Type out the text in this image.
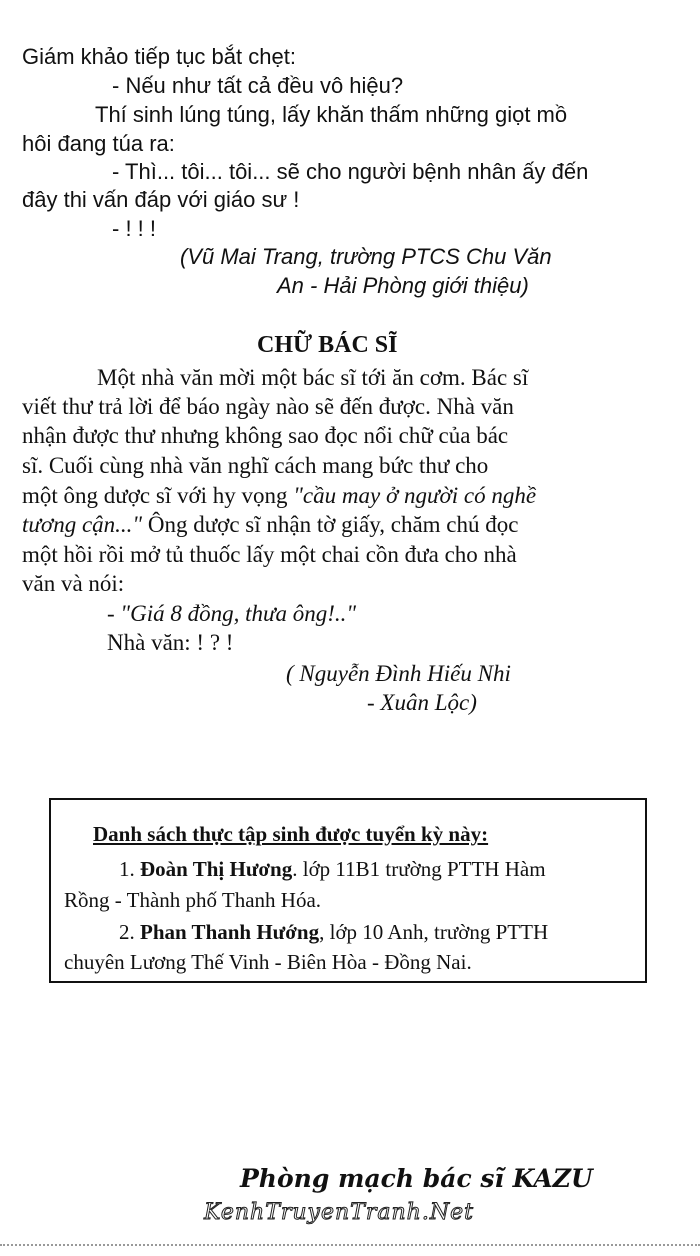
Giám khảo tiếp tục bắt chẹt:
- Nếu như tất cả đều vô hiệu?
Thí sinh lúng túng, lấy khăn thấm những giọt mồ
hôi đang túa ra:
- Thì... tôi... tôi... sẽ cho người bệnh nhân ấy đến
đây thi vấn đáp với giáo sư !
- ! ! !
(Vũ Mai Trang, trường PTCS Chu Văn
An - Hải Phòng giới thiệu)
CHỮ BÁC SĨ
Một nhà văn mời một bác sĩ tới ăn cơm. Bác sĩ
viết thư trả lời để báo ngày nào sẽ đến được. Nhà văn
nhận được thư nhưng không sao đọc nổi chữ của bác
sĩ. Cuối cùng nhà văn nghĩ cách mang bức thư cho
một ông dược sĩ với hy vọng "cầu may ở người có nghề
tương cận..." Ông dược sĩ nhận tờ giấy, chăm chú đọc
một hồi rồi mở tủ thuốc lấy một chai cồn đưa cho nhà
văn và nói:
- "Giá 8 đồng, thưa ông!.."
Nhà văn: ! ? !
( Nguyễn Đình Hiếu Nhi
- Xuân Lộc)
Danh sách thực tập sinh được tuyển kỳ này:
1. Đoàn Thị Hương. lớp 11B1 trường PTTH Hàm
Rồng - Thành phố Thanh Hóa.
2. Phan Thanh Hướng, lớp 10 Anh, trường PTTH
chuyên Lương Thế Vinh - Biên Hòa - Đồng Nai.
Phòng mạch bác sĩ KAZU
KenhTruyenTranh.Net
